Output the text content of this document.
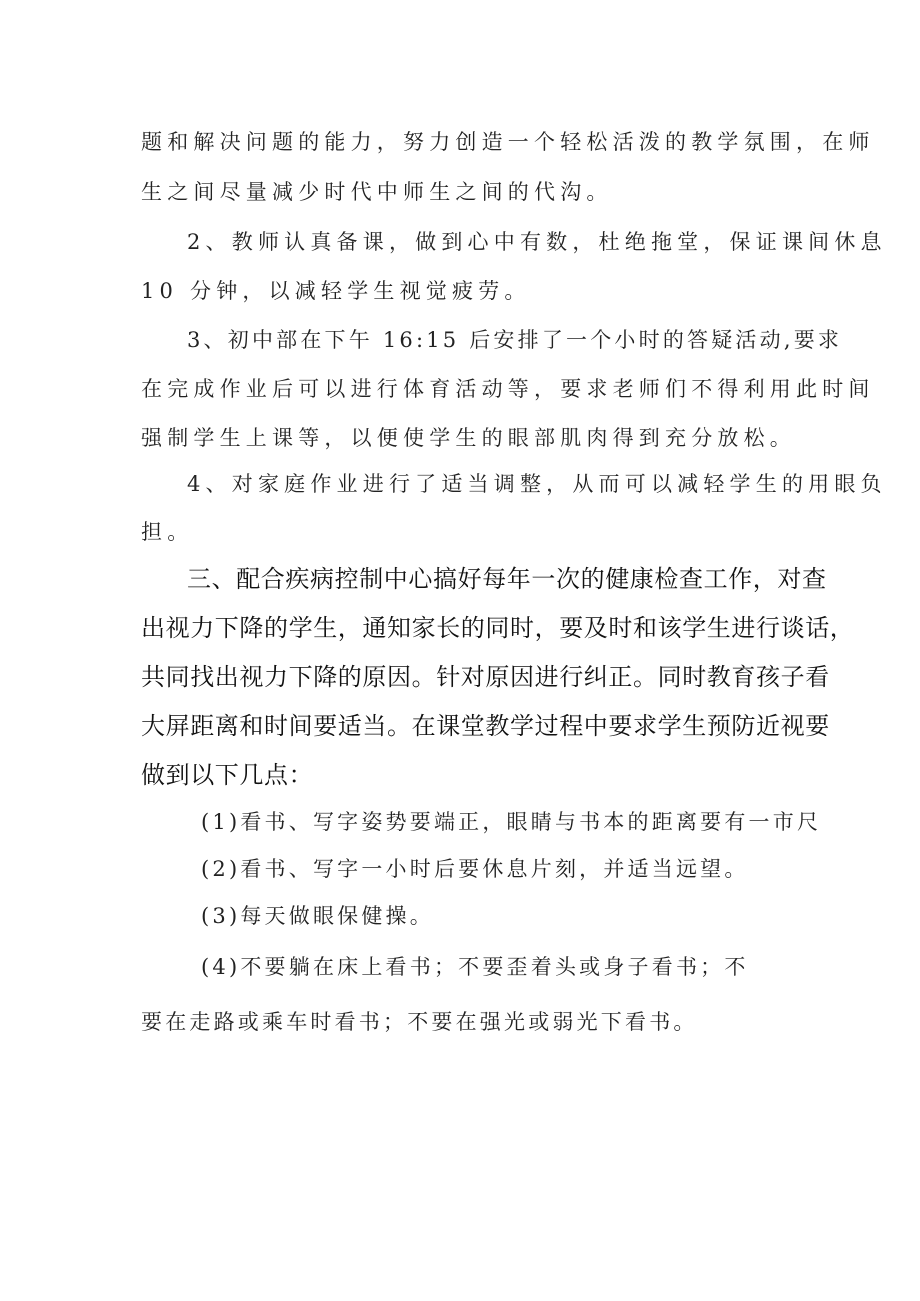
题和解决问题的能力，努力创造一个轻松活泼的教学氛围，在师

生之间尽量减少时代中师生之间的代沟。

2、教师认真备课，做到心中有数，杜绝拖堂，保证课间休息

10 分钟，以减轻学生视觉疲劳。

3、初中部在下午 16:15 后安排了一个小时的答疑活动,要求

在完成作业后可以进行体育活动等，要求老师们不得利用此时间

强制学生上课等，以便使学生的眼部肌肉得到充分放松。

4、对家庭作业进行了适当调整，从而可以减轻学生的用眼负

担。

三、配合疾病控制中心搞好每年一次的健康检查工作，对查

出视力下降的学生，通知家长的同时，要及时和该学生进行谈话，

共同找出视力下降的原因。针对原因进行纠正。同时教育孩子看

大屏距离和时间要适当。在课堂教学过程中要求学生预防近视要

做到以下几点：

(1)看书、写字姿势要端正，眼睛与书本的距离要有一市尺

(2)看书、写字一小时后要休息片刻，并适当远望。

(3)每天做眼保健操。

(4)不要躺在床上看书；不要歪着头或身子看书；不

要在走路或乘车时看书；不要在强光或弱光下看书。
